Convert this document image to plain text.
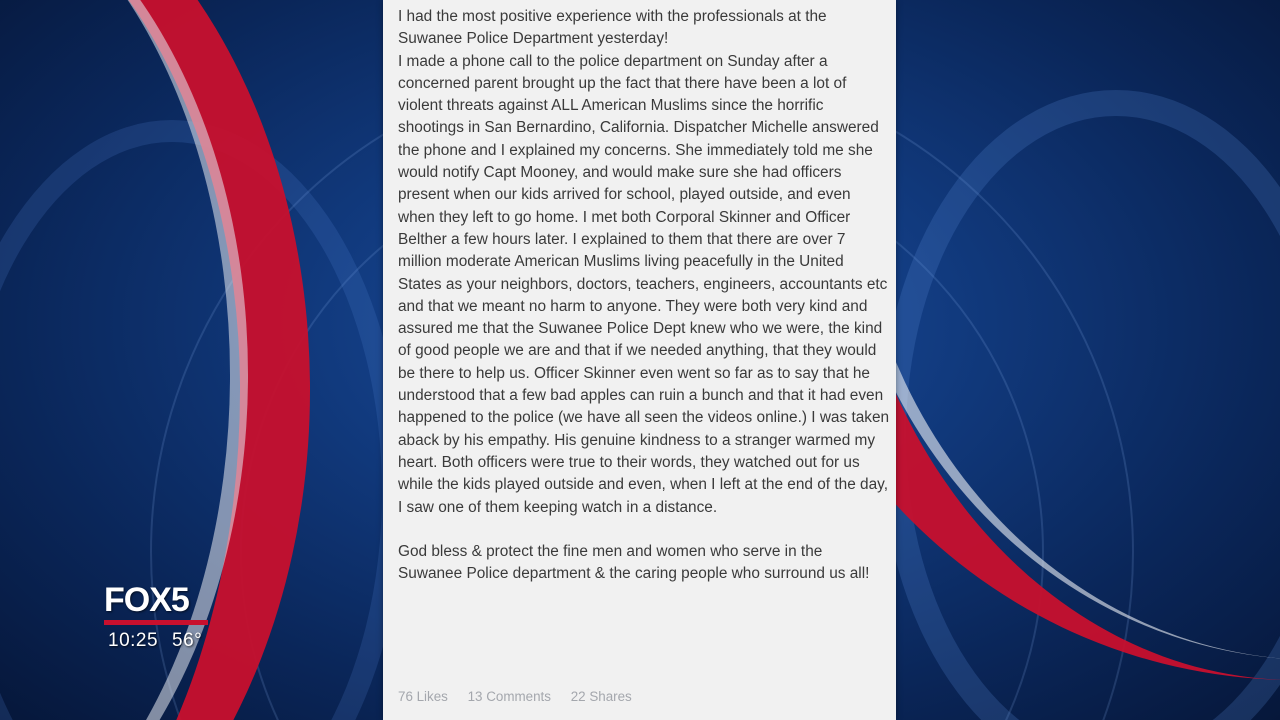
I had the most positive experience with the professionals at the Suwanee Police Department yesterday!

I made a phone call to the police department on Sunday after a concerned parent brought up the fact that there have been a lot of violent threats against ALL American Muslims since the horrific shootings in San Bernardino, California. Dispatcher Michelle answered the phone and I explained my concerns. She immediately told me she would notify Capt Mooney, and would make sure she had officers present when our kids arrived for school, played outside, and even when they left to go home. I met both Corporal Skinner and Officer Belther a few hours later. I explained to them that there are over 7 million moderate American Muslims living peacefully in the United States as your neighbors, doctors, teachers, engineers, accountants etc and that we meant no harm to anyone. They were both very kind and assured me that the Suwanee Police Dept knew who we were, the kind of good people we are and that if we needed anything, that they would be there to help us. Officer Skinner even went so far as to say that he understood that a few bad apples can ruin a bunch and that it had even happened to the police (we have all seen the videos online.) I was taken aback by his empathy. His genuine kindness to a stranger warmed my heart. Both officers were true to their words, they watched out for us while the kids played outside and even, when I left at the end of the day, I saw one of them keeping watch in a distance.

God bless & protect the fine men and women who serve in the Suwanee Police department & the caring people who surround us all!

76 Likes 13 Comments 22 Shares
FOX5
10:25 56°
